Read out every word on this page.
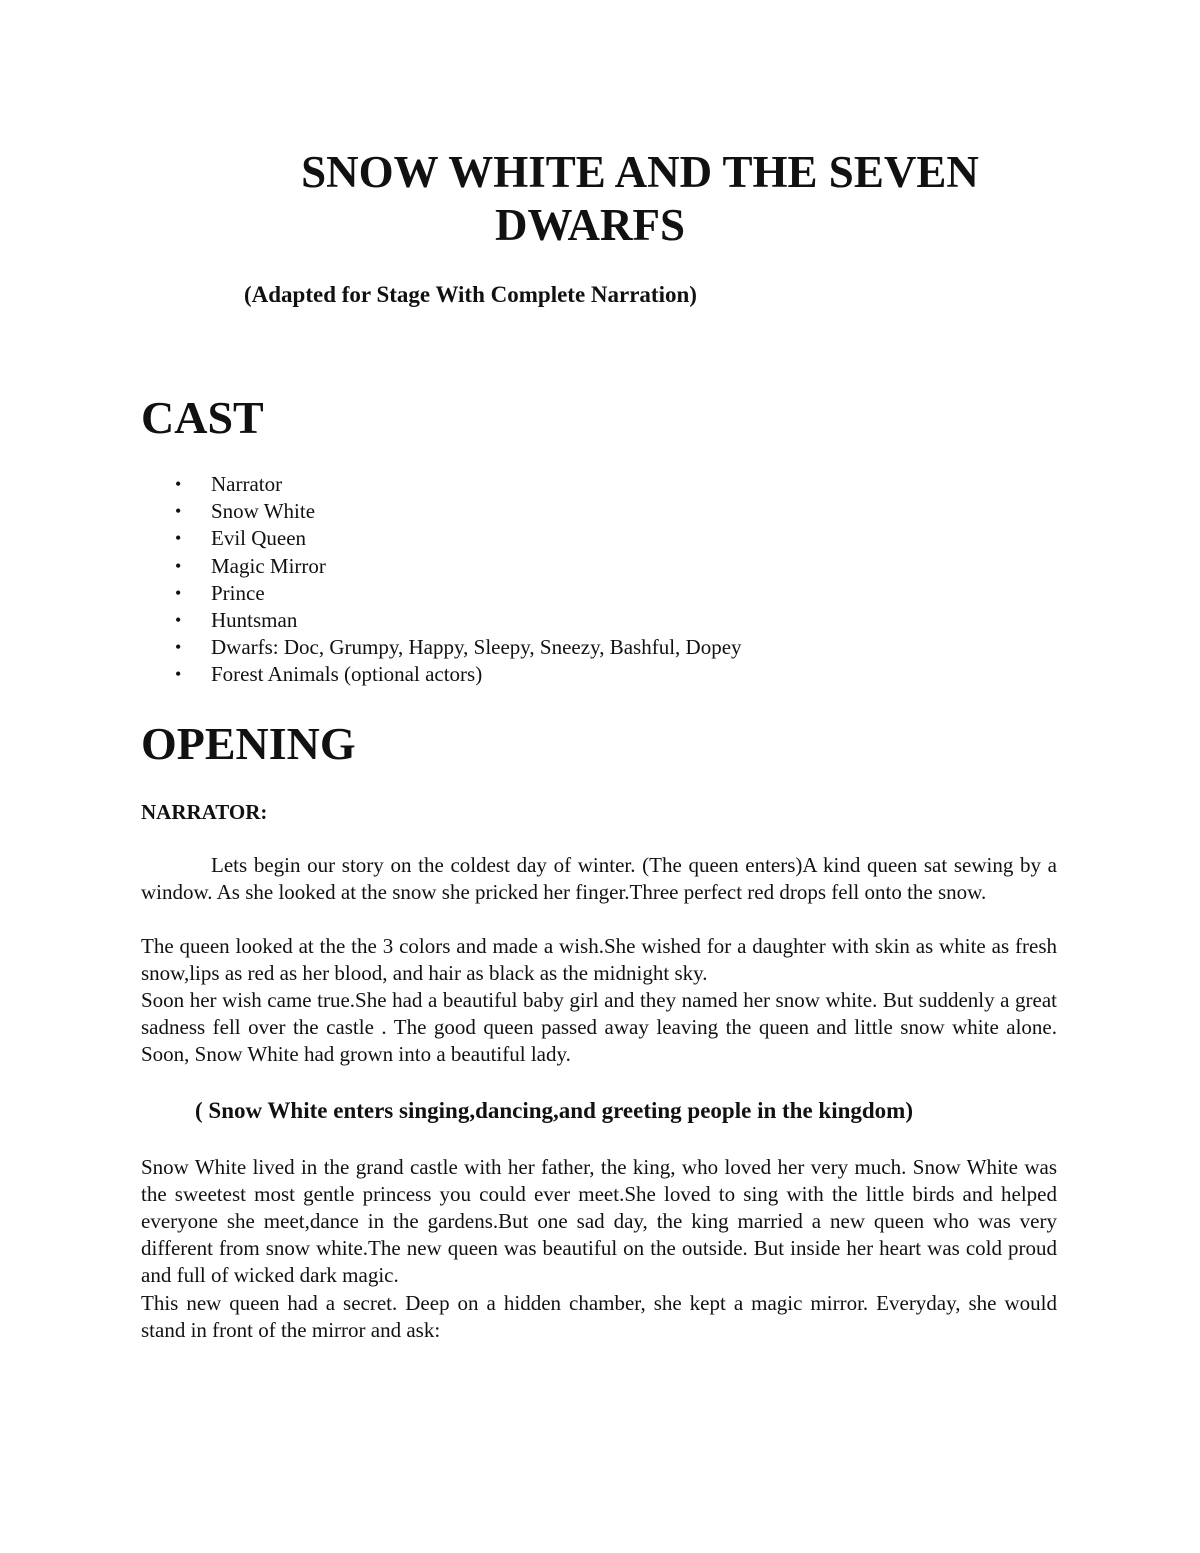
SNOW WHITE AND THE SEVEN
DWARFS

(Adapted for Stage With Complete Narration)

CAST
• Narrator
• Snow White
• Evil Queen
• Magic Mirror
• Prince
• Huntsman
• Dwarfs: Doc, Grumpy, Happy, Sleepy, Sneezy, Bashful, Dopey
• Forest Animals (optional actors)
OPENING

NARRATOR:

Lets begin our story on the coldest day of winter. (The queen enters)A kind queen sat sewing by a window. As she looked at the snow she pricked her finger.Three perfect red drops fell onto the snow.

The queen looked at the the 3 colors and made a wish.She wished for a daughter with skin as white as fresh snow,lips as red as her blood, and hair as black as the midnight sky.

Soon her wish came true.She had a beautiful baby girl and they named her snow white. But suddenly a great sadness fell over the castle . The good queen passed away leaving the queen and little snow white alone. Soon, Snow White had grown into a beautiful lady.

( Snow White enters singing,dancing,and greeting people in the kingdom)

Snow White lived in the grand castle with her father, the king, who loved her very much. Snow White was the sweetest most gentle princess you could ever meet.She loved to sing with the little birds and helped everyone she meet,dance in the gardens.But one sad day, the king married a new queen who was very different from snow white.The new queen was beautiful on the outside. But inside her heart was cold proud and full of wicked dark magic.

This new queen had a secret. Deep on a hidden chamber, she kept a magic mirror. Everyday, she would stand in front of the mirror and ask:
